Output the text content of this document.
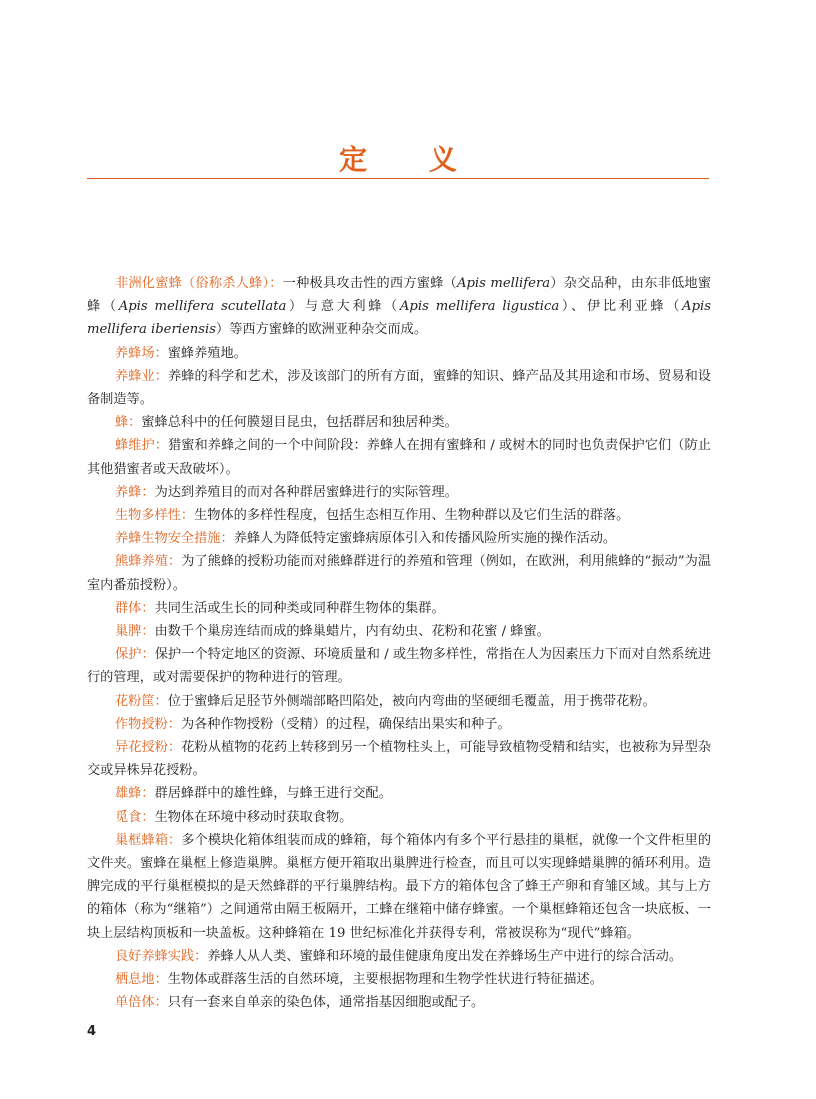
定 义

非洲化蜜蜂（俗称杀人蜂）：一种极具攻击性的西方蜜蜂（Apis mellifera）杂交品种，由东非低地蜜蜂（Apis mellifera scutellata）与意大利蜂（Apis mellifera ligustica）、伊比利亚蜂（Apis mellifera iberiensis）等西方蜜蜂的欧洲亚种杂交而成。

养蜂场：蜜蜂养殖地。

养蜂业：养蜂的科学和艺术，涉及该部门的所有方面，蜜蜂的知识、蜂产品及其用途和市场、贸易和设备制造等。

蜂：蜜蜂总科中的任何膜翅目昆虫，包括群居和独居种类。

蜂维护：猎蜜和养蜂之间的一个中间阶段：养蜂人在拥有蜜蜂和 / 或树木的同时也负责保护它们（防止其他猎蜜者或天敌破坏）。

养蜂：为达到养殖目的而对各种群居蜜蜂进行的实际管理。

生物多样性：生物体的多样性程度，包括生态相互作用、生物种群以及它们生活的群落。

养蜂生物安全措施：养蜂人为降低特定蜜蜂病原体引入和传播风险所实施的操作活动。

熊蜂养殖：为了熊蜂的授粉功能而对熊蜂群进行的养殖和管理（例如，在欧洲，利用熊蜂的“振动”为温室内番茄授粉）。

群体：共同生活或生长的同种类或同种群生物体的集群。

巢脾：由数千个巢房连结而成的蜂巢蜡片，内有幼虫、花粉和花蜜 / 蜂蜜。

保护：保护一个特定地区的资源、环境质量和 / 或生物多样性，常指在人为因素压力下而对自然系统进行的管理，或对需要保护的物种进行的管理。

花粉筐：位于蜜蜂后足胫节外侧端部略凹陷处，被向内弯曲的坚硬细毛覆盖，用于携带花粉。

作物授粉：为各种作物授粉（受精）的过程，确保结出果实和种子。

异花授粉：花粉从植物的花药上转移到另一个植物柱头上，可能导致植物受精和结实，也被称为异型杂交或异株异花授粉。

雄蜂：群居蜂群中的雄性蜂，与蜂王进行交配。

觅食：生物体在环境中移动时获取食物。

巢框蜂箱：多个模块化箱体组装而成的蜂箱，每个箱体内有多个平行悬挂的巢框，就像一个文件柜里的文件夹。蜜蜂在巢框上修造巢脾。巢框方便开箱取出巢脾进行检查，而且可以实现蜂蜡巢脾的循环利用。造脾完成的平行巢框模拟的是天然蜂群的平行巢脾结构。最下方的箱体包含了蜂王产卵和育雏区域。其与上方的箱体（称为“继箱”）之间通常由隔王板隔开，工蜂在继箱中储存蜂蜜。一个巢框蜂箱还包含一块底板、一块上层结构顶板和一块盖板。这种蜂箱在 19 世纪标准化并获得专利，常被误称为“现代”蜂箱。

良好养蜂实践：养蜂人从人类、蜜蜂和环境的最佳健康角度出发在养蜂场生产中进行的综合活动。

栖息地：生物体或群落生活的自然环境，主要根据物理和生物学性状进行特征描述。

单倍体：只有一套来自单亲的染色体，通常指基因细胞或配子。

4
